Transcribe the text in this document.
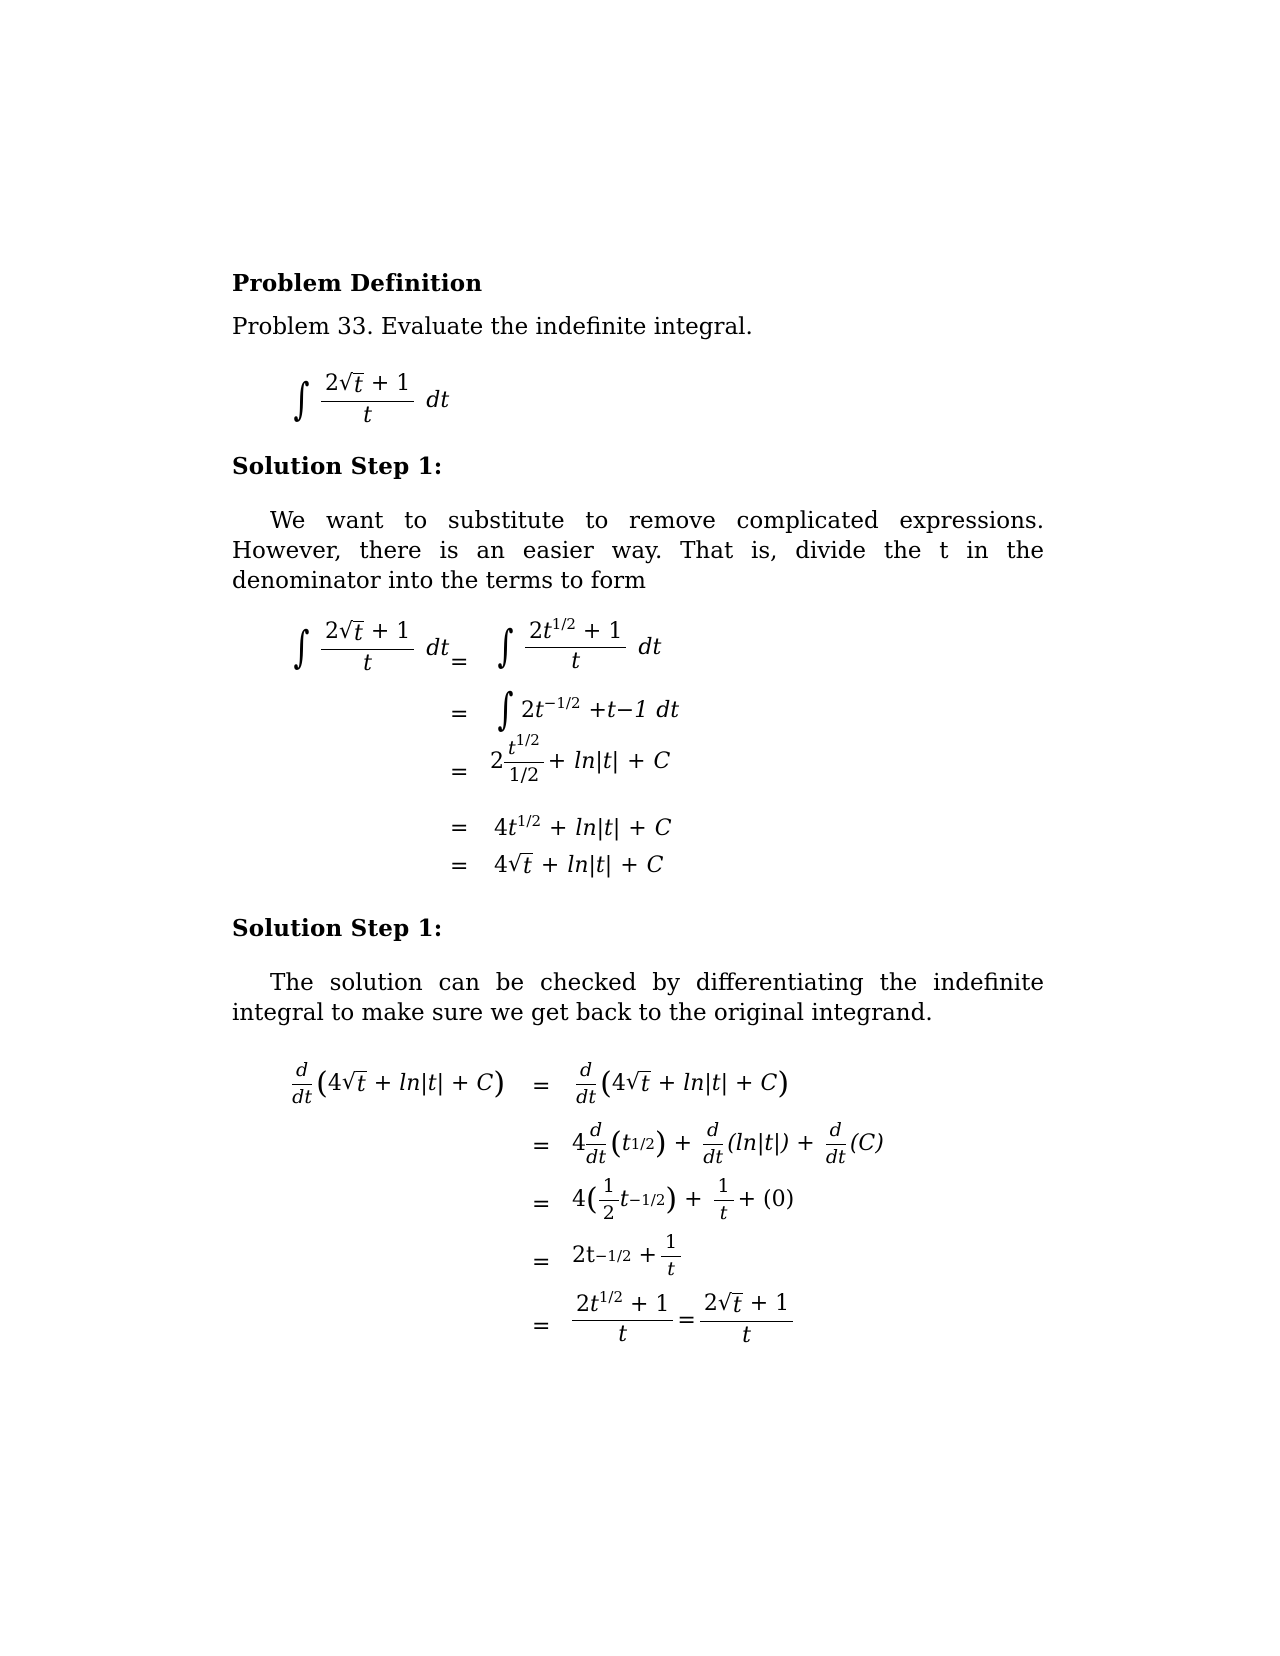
Problem Definition
Problem 33. Evaluate the indefinite integral.
∫ $\frac{2 √ t + 1}{t}$ dt
Solution Step 1:
We want to substitute to remove complicated expressions. However, there is an easier way. That is, divide the t in the denominator into the terms to form
∫ $\frac{2 √ t + 1}{t}$ dt
= ∫ $\frac{2t^{1/2} + 1}{t}$ dt
= ∫ $2t^{-1/2} + t-1$ dt
= $2 \frac{t^{1/2}}{1/2} + \ln|t| + C$
= $4t^{1/2} + \ln|t| + C$
= 4 √ t + ln|t| + C
Solution Step 1:
The solution can be checked by differentiating the indefinite integral to make sure we get back to the original integrand.
$\frac{d}{dt}$ ( 4 √ t + ln|t| + C ) = $\frac{d}{dt}$ ( 4 √ t + ln|t| + C )
= $4 \frac{d}{dt}$ ( t 1/2 ) + $\frac{d}{dt} (\ln|t|) + \frac{d}{dt} (C)$
= 4 ( $\frac{1}{2}$ t −1/2 ) + $\frac{1}{t} + (0)$
= $2t -1/2 + \frac{1}{t}$
= $\frac{2t^{1/2} + 1}{t} = \frac{2 √ t + 1}{t}$
